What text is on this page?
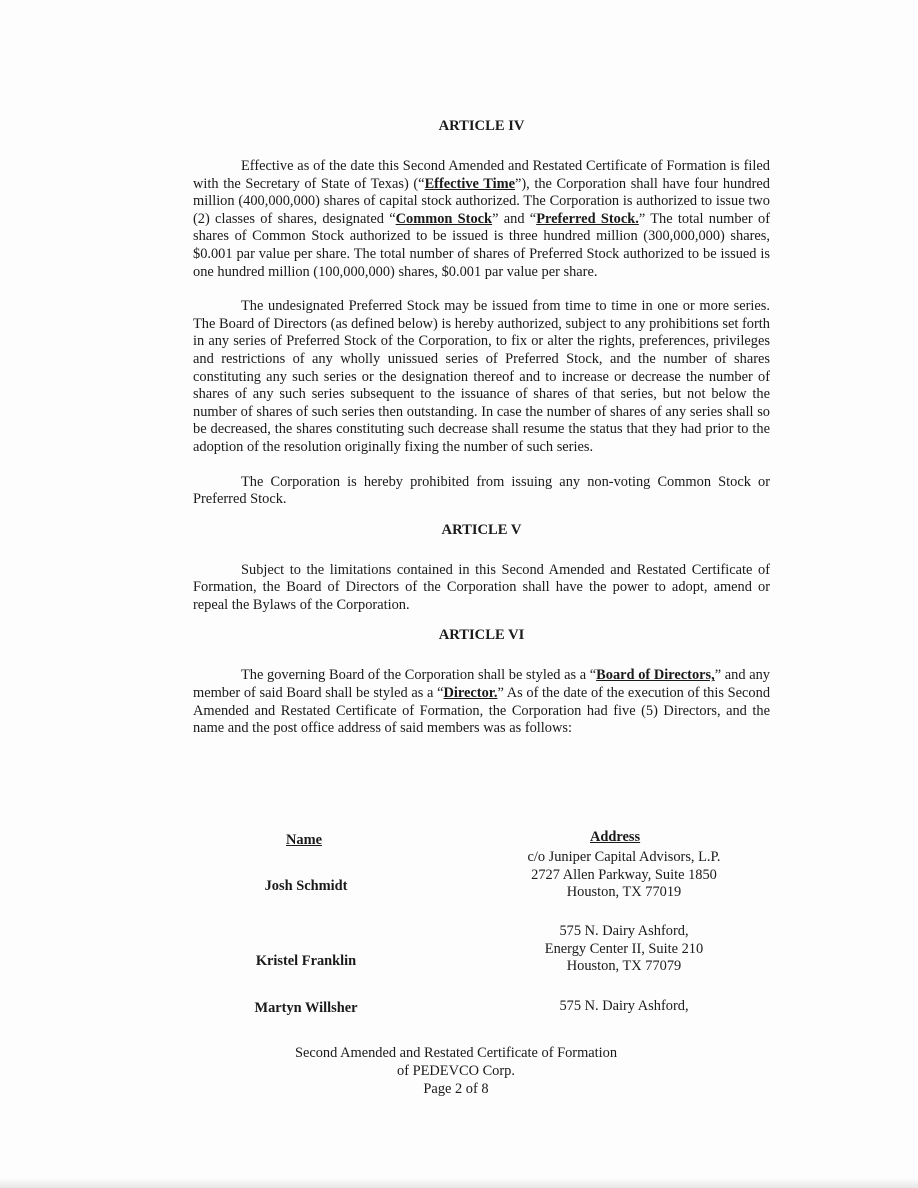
ARTICLE IV

Effective as of the date this Second Amended and Restated Certificate of Formation is filed with the Secretary of State of Texas) (“Effective Time”), the Corporation shall have four hundred million (400,000,000) shares of capital stock authorized. The Corporation is authorized to issue two (2) classes of shares, designated “Common Stock” and “Preferred Stock.” The total number of shares of Common Stock authorized to be issued is three hundred million (300,000,000) shares, $0.001 par value per share. The total number of shares of Preferred Stock authorized to be issued is one hundred million (100,000,000) shares, $0.001 par value per share.

The undesignated Preferred Stock may be issued from time to time in one or more series. The Board of Directors (as defined below) is hereby authorized, subject to any prohibitions set forth in any series of Preferred Stock of the Corporation, to fix or alter the rights, preferences, privileges and restrictions of any wholly unissued series of Preferred Stock, and the number of shares constituting any such series or the designation thereof and to increase or decrease the number of shares of any such series subsequent to the issuance of shares of that series, but not below the number of shares of such series then outstanding. In case the number of shares of any series shall so be decreased, the shares constituting such decrease shall resume the status that they had prior to the adoption of the resolution originally fixing the number of such series.

The Corporation is hereby prohibited from issuing any non-voting Common Stock or Preferred Stock.

ARTICLE V

Subject to the limitations contained in this Second Amended and Restated Certificate of Formation, the Board of Directors of the Corporation shall have the power to adopt, amend or repeal the Bylaws of the Corporation.

ARTICLE VI

The governing Board of the Corporation shall be styled as a “Board of Directors,” and any member of said Board shall be styled as a “Director.” As of the date of the execution of this Second Amended and Restated Certificate of Formation, the Corporation had five (5) Directors, and the name and the post office address of said members was as follows:

Name	Address
Josh Schmidt
c/o Juniper Capital Advisors, L.P.
2727 Allen Parkway, Suite 1850
Houston, TX 77019
Kristel Franklin
575 N. Dairy Ashford,
Energy Center II, Suite 210
Houston, TX 77079
Martyn Willsher	575 N. Dairy Ashford,
Second Amended and Restated Certificate of Formation
of PEDEVCO Corp.
Page 2 of 8
